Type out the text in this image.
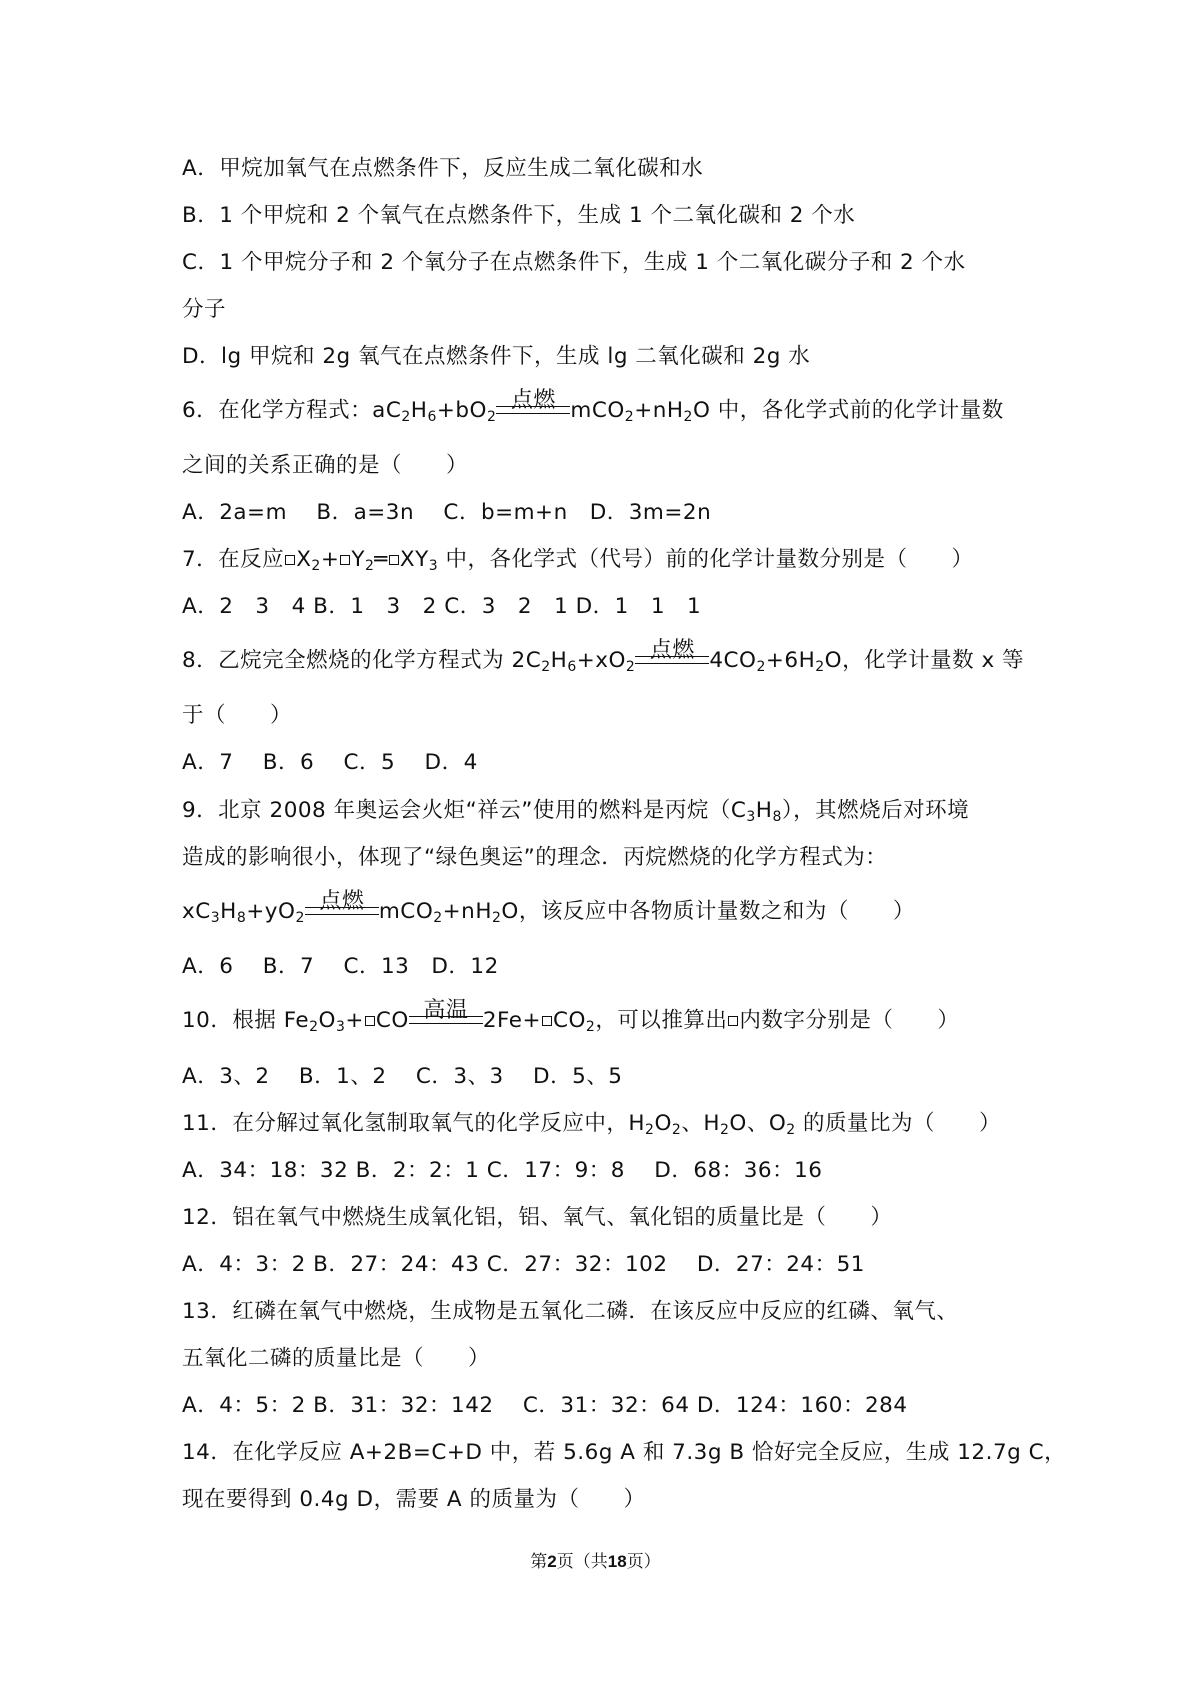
A．甲烷加氧气在点燃条件下，反应生成二氧化碳和水
B．1 个甲烷和 2 个氧气在点燃条件下，生成 1 个二氧化碳和 2 个水
C．1 个甲烷分子和 2 个氧分子在点燃条件下，生成 1 个二氧化碳分子和 2 个水
分子
D．lg 甲烷和 2g 氧气在点燃条件下，生成 lg 二氧化碳和 2g 水
6．在化学方程式：$aC_2H_6+bO_2$
点燃 $mCO_2+nH_2O$ 中，各化学式前的化学计量数
之间的关系正确的是（　　）
A．2a=m　 B．a=3n　 C．b=m+n　D．3m=2n
7．在反应 $X_2+$ $Y_2═$ $XY_3$ 中，各化学式（代号）前的化学计量数分别是（　　）
A．2　3　4 B．1　3　2 C．3　2　1 D．1　1　1
8．乙烷完全燃烧的化学方程式为 $2C_2H_6+xO_2$
点燃 $4CO_2+6H_2O$，化学计量数 x 等
于（　　）
A．7　 B．6　 C．5　 D．4
9．北京 2008 年奥运会火炬“祥云”使用的燃料是丙烷$(C_3H_8)$，其燃烧后对环境
造成的影响很小，体现了“绿色奥运”的理念．丙烷燃烧的化学方程式为：
$xC_3H_8+yO_2$
点燃 $mCO_2+nH_2O$，该反应中各物质计量数之和为（　　）
A．6　 B．7　 C．13　D．12
10．根据 $Fe_2O_3+$ CO 高温 $2Fe+ CO_2$，可以推算出 内数字分别是（　　）
A．3、2　 B．1、2　 C．3、3　 D．5、5
11．在分解过氧化氢制取氧气的化学反应中，$H_2O_2$、$H_2O$、$O_2$ 的质量比为（　　）
A．34：18：32 B．2：2：1 C．17：9：8　 D．68：36：16
12．铝在氧气中燃烧生成氧化铝，铝、氧气、氧化铝的质量比是（　　）
A．4：3：2 B．27：24：43 C．27：32：102　 D．27：24：51
13．红磷在氧气中燃烧，生成物是五氧化二磷．在该反应中反应的红磷、氧气、
五氧化二磷的质量比是（　　）
A．4：5：2 B．31：32：142　 C．31：32：64 D．124：160：284
14．在化学反应 A+2B=C+D 中，若 5.6g A 和 7.3g B 恰好完全反应，生成 12.7g C，
现在要得到 0.4g D，需要 A 的质量为（　　）
第2页（共18页）
